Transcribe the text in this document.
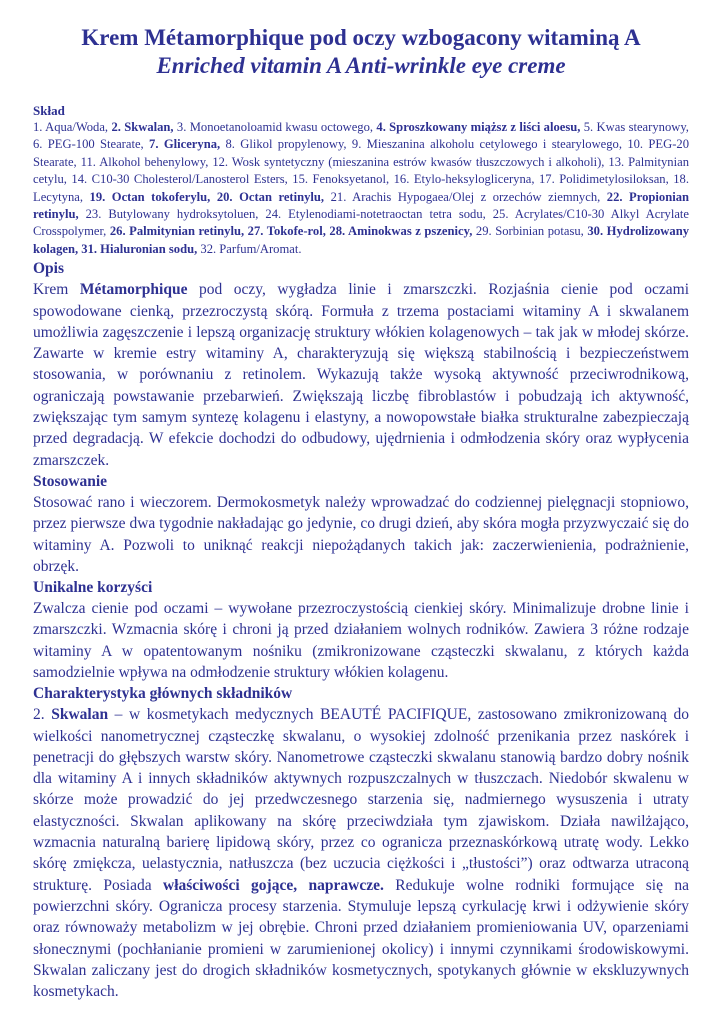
Krem Métamorphique pod oczy wzbogacony witaminą A
Enriched vitamin A Anti-wrinkle eye creme
Skład

1. Aqua/Woda, 2. Skwalan, 3. Monoetanoloamid kwasu octowego, 4. Sproszkowany miąższ z liści aloesu, 5. Kwas stearynowy, 6. PEG-100 Stearate, 7. Gliceryna, 8. Glikol propylenowy, 9. Mieszanina alkoholu cetylowego i stearylowego, 10. PEG-20 Stearate, 11. Alkohol behenylowy, 12. Wosk syntetyczny (mieszanina estrów kwasów tłuszczowych i alkoholi), 13. Palmitynian cetylu, 14. C10-30 Cholesterol/Lanosterol Esters, 15. Fenoksyetanol, 16. Etylo-heksylogliceryna, 17. Polidimetylosiloksan, 18. Lecytyna, 19. Octan tokoferylu, 20. Octan retinylu, 21. Arachis Hypogaea/Olej z orzechów ziemnych, 22. Propionian retinylu, 23. Butylowany hydroksytoluen, 24. Etylenodiami-notetraoctan tetra sodu, 25. Acrylates/C10-30 Alkyl Acrylate Crosspolymer, 26. Palmitynian retinylu, 27. Tokofe-rol, 28. Aminokwas z pszenicy, 29. Sorbinian potasu, 30. Hydrolizowany kolagen, 31. Hialuronian sodu, 32. Parfum/Aromat.

Opis

Krem Métamorphique pod oczy, wygładza linie i zmarszczki. Rozjaśnia cienie pod oczami spowodowane cienką, przezroczystą skórą. Formuła z trzema postaciami witaminy A i skwalanem umożliwia zagęszczenie i lepszą organizację struktury włókien kolagenowych – tak jak w młodej skórze. Zawarte w kremie estry witaminy A, charakteryzują się większą stabilnością i bezpieczeństwem stosowania, w porównaniu z retinolem. Wykazują także wysoką aktywność przeciwrodnikową, ograniczają powstawanie przebarwień. Zwiększają liczbę fibroblastów i pobudzają ich aktywność, zwiększając tym samym syntezę kolagenu i elastyny, a nowopowstałe białka strukturalne zabezpieczają przed degradacją. W efekcie dochodzi do odbudowy, ujędrnienia i odmłodzenia skóry oraz wypłycenia zmarszczek.

Stosowanie

Stosować rano i wieczorem. Dermokosmetyk należy wprowadzać do codziennej pielęgnacji stopniowo, przez pierwsze dwa tygodnie nakładając go jedynie, co drugi dzień, aby skóra mogła przyzwyczaić się do witaminy A. Pozwoli to uniknąć reakcji niepożądanych takich jak: zaczerwienienia, podrażnienie, obrzęk.

Unikalne korzyści

Zwalcza cienie pod oczami – wywołane przezroczystością cienkiej skóry. Minimalizuje drobne linie i zmarszczki. Wzmacnia skórę i chroni ją przed działaniem wolnych rodników. Zawiera 3 różne rodzaje witaminy A w opatentowanym nośniku (zmikronizowane cząsteczki skwalanu, z których każda samodzielnie wpływa na odmłodzenie struktury włókien kolagenu.

Charakterystyka głównych składników

2. Skwalan – w kosmetykach medycznych BEAUTÉ PACIFIQUE, zastosowano zmikronizowaną do wielkości nanometrycznej cząsteczkę skwalanu, o wysokiej zdolność przenikania przez naskórek i penetracji do głębszych warstw skóry. Nanometrowe cząsteczki skwalanu stanowią bardzo dobry nośnik dla witaminy A i innych składników aktywnych rozpuszczalnych w tłuszczach. Niedobór skwalenu w skórze może prowadzić do jej przedwczesnego starzenia się, nadmiernego wysuszenia i utraty elastyczności. Skwalan aplikowany na skórę przeciwdziała tym zjawiskom. Działa nawilżająco, wzmacnia naturalną barierę lipidową skóry, przez co ogranicza przeznaskórkową utratę wody. Lekko skórę zmiękcza, uelastycznia, natłuszcza (bez uczucia ciężkości i „tłustości”) oraz odtwarza utraconą strukturę. Posiada właściwości gojące, naprawcze. Redukuje wolne rodniki formujące się na powierzchni skóry. Ogranicza procesy starzenia. Stymuluje lepszą cyrkulację krwi i odżywienie skóry oraz równoważy metabolizm w jej obrębie. Chroni przed działaniem promieniowania UV, oparzeniami słonecznymi (pochłanianie promieni w zarumienionej okolicy) i innymi czynnikami środowiskowymi. Skwalan zaliczany jest do drogich składników kosmetycznych, spotykanych głównie w ekskluzywnych kosmetykach.
